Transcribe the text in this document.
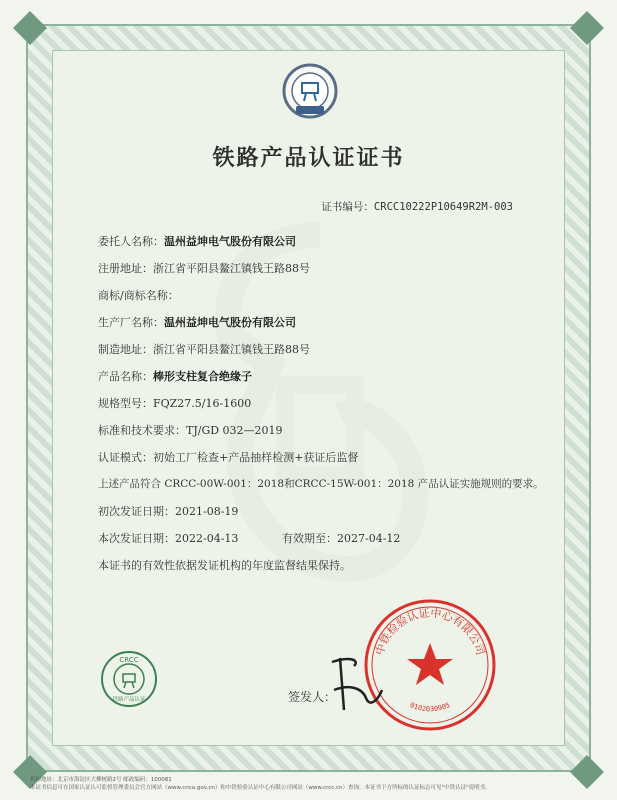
铁路产品认证证书
证书编号：CRCC10222P10649R2M-003
委托人名称：温州益坤电气股份有限公司
注册地址：浙江省平阳县鳌江镇钱王路88号
商标/商标名称：
生产厂名称：温州益坤电气股份有限公司
制造地址：浙江省平阳县鳌江镇钱王路88号
产品名称：棒形支柱复合绝缘子
规格型号：FQZ27.5/16-1600
标准和技术要求：TJ/GD 032—2019
认证模式：初始工厂检查+产品抽样检测+获证后监督
上述产品符合 CRCC-00W-001：2018和CRCC-15W-001：2018 产品认证实施规则的要求。
初次发证日期：2021-08-19
本次发证日期：2022-04-13	有效期至：2027-04-12
本证书的有效性依据发证机构的年度监督结果保持。
CRCC
铁路产品认证
中铁检验认证中心有限公司
0102030905
签发人：
机构地址：北京市海淀区大柳树路2号 邮政编码：100081
本证书信息可在国家认证认可监督管理委员会官方网站（www.cnca.gov.cn）和中铁检验认证中心有限公司网站（www.crcc.cn）查询。本证书下方所标的认证标志可见"中铁认证"说明书。
